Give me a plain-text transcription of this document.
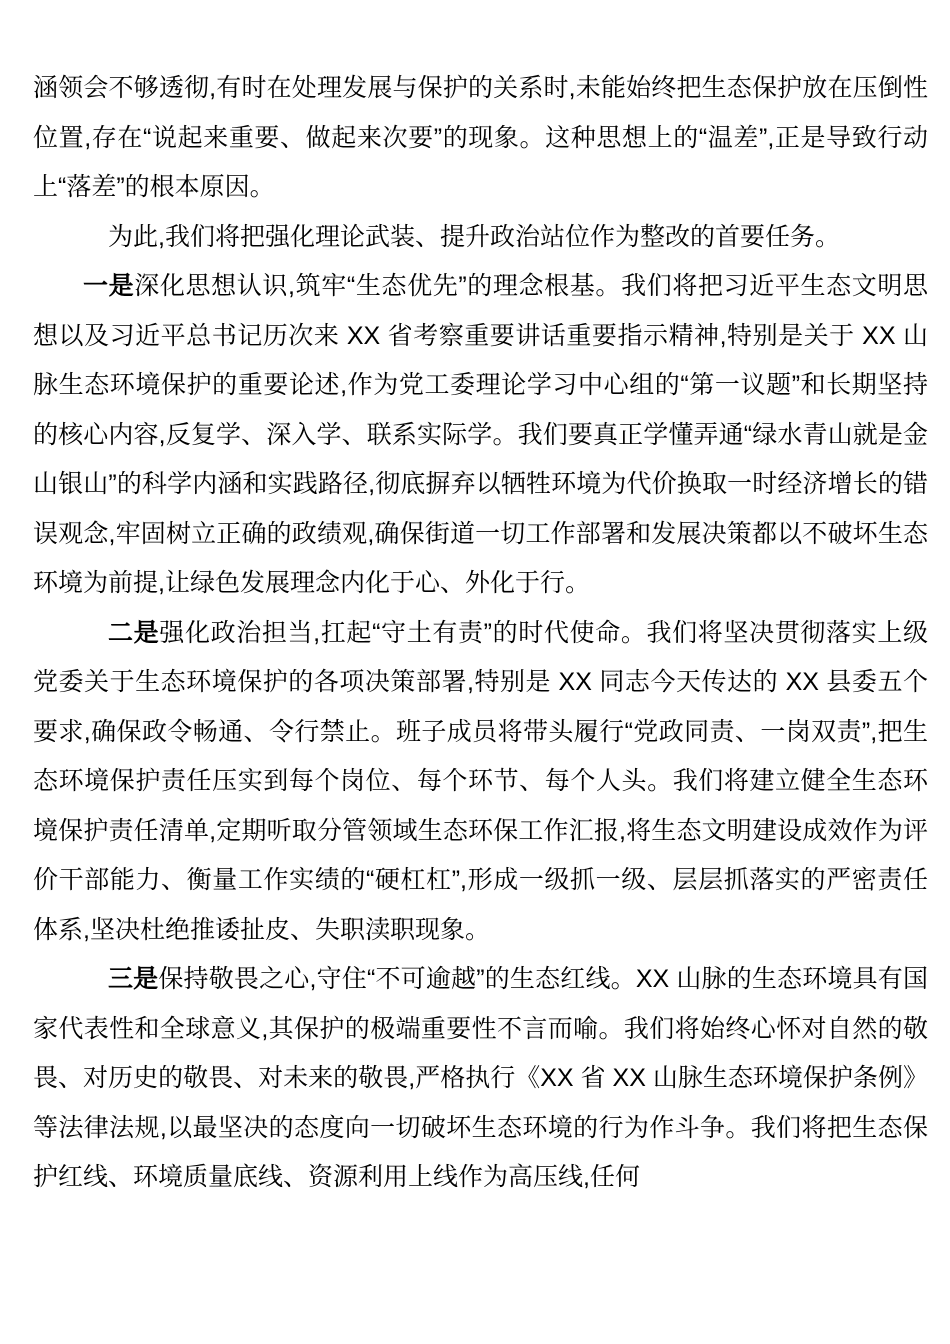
涵领会不够透彻,有时在处理发展与保护的关系时,未能始终把生态保护放在压倒性位置,存在“说起来重要、做起来次要”的现象。这种思想上的“温差”,正是导致行动上“落差”的根本原因。

为此,我们将把强化理论武装、提升政治站位作为整改的首要任务。

一是深化思想认识,筑牢“生态优先”的理念根基。我们将把习近平生态文明思想以及习近平总书记历次来 XX 省考察重要讲话重要指示精神,特别是关于 XX 山脉生态环境保护的重要论述,作为党工委理论学习中心组的“第一议题”和长期坚持的核心内容,反复学、深入学、联系实际学。我们要真正学懂弄通“绿水青山就是金山银山”的科学内涵和实践路径,彻底摒弃以牺牲环境为代价换取一时经济增长的错误观念,牢固树立正确的政绩观,确保街道一切工作部署和发展决策都以不破坏生态环境为前提,让绿色发展理念内化于心、外化于行。

二是强化政治担当,扛起“守土有责”的时代使命。我们将坚决贯彻落实上级党委关于生态环境保护的各项决策部署,特别是 XX 同志今天传达的 XX 县委五个要求,确保政令畅通、令行禁止。班子成员将带头履行“党政同责、一岗双责”,把生态环境保护责任压实到每个岗位、每个环节、每个人头。我们将建立健全生态环境保护责任清单,定期听取分管领域生态环保工作汇报,将生态文明建设成效作为评价干部能力、衡量工作实绩的“硬杠杠”,形成一级抓一级、层层抓落实的严密责任体系,坚决杜绝推诿扯皮、失职渎职现象。

三是保持敬畏之心,守住“不可逾越”的生态红线。XX 山脉的生态环境具有国家代表性和全球意义,其保护的极端重要性不言而喻。我们将始终心怀对自然的敬畏、对历史的敬畏、对未来的敬畏,严格执行《XX 省 XX 山脉生态环境保护条例》等法律法规,以最坚决的态度向一切破坏生态环境的行为作斗争。我们将把生态保护红线、环境质量底线、资源利用上线作为高压线,任何
